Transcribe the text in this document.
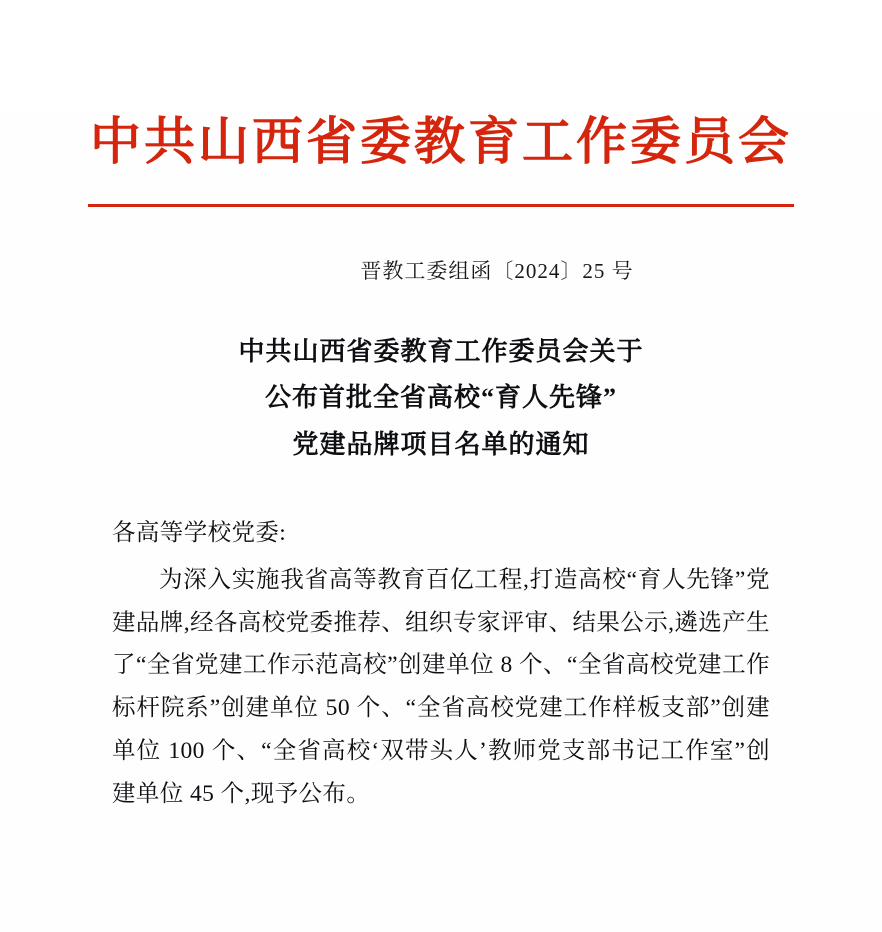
中共山西省委教育工作委员会
晋教工委组函〔2024〕25 号
中共山西省委教育工作委员会关于
公布首批全省高校“育人先锋”
党建品牌项目名单的通知
各高等学校党委:
为深入实施我省高等教育百亿工程,打造高校“育人先锋”党建品牌,经各高校党委推荐、组织专家评审、结果公示,遴选产生了“全省党建工作示范高校”创建单位 8 个、“全省高校党建工作标杆院系”创建单位 50 个、“全省高校党建工作样板支部”创建单位 100 个、“全省高校‘双带头人’教师党支部书记工作室”创建单位 45 个,现予公布。
